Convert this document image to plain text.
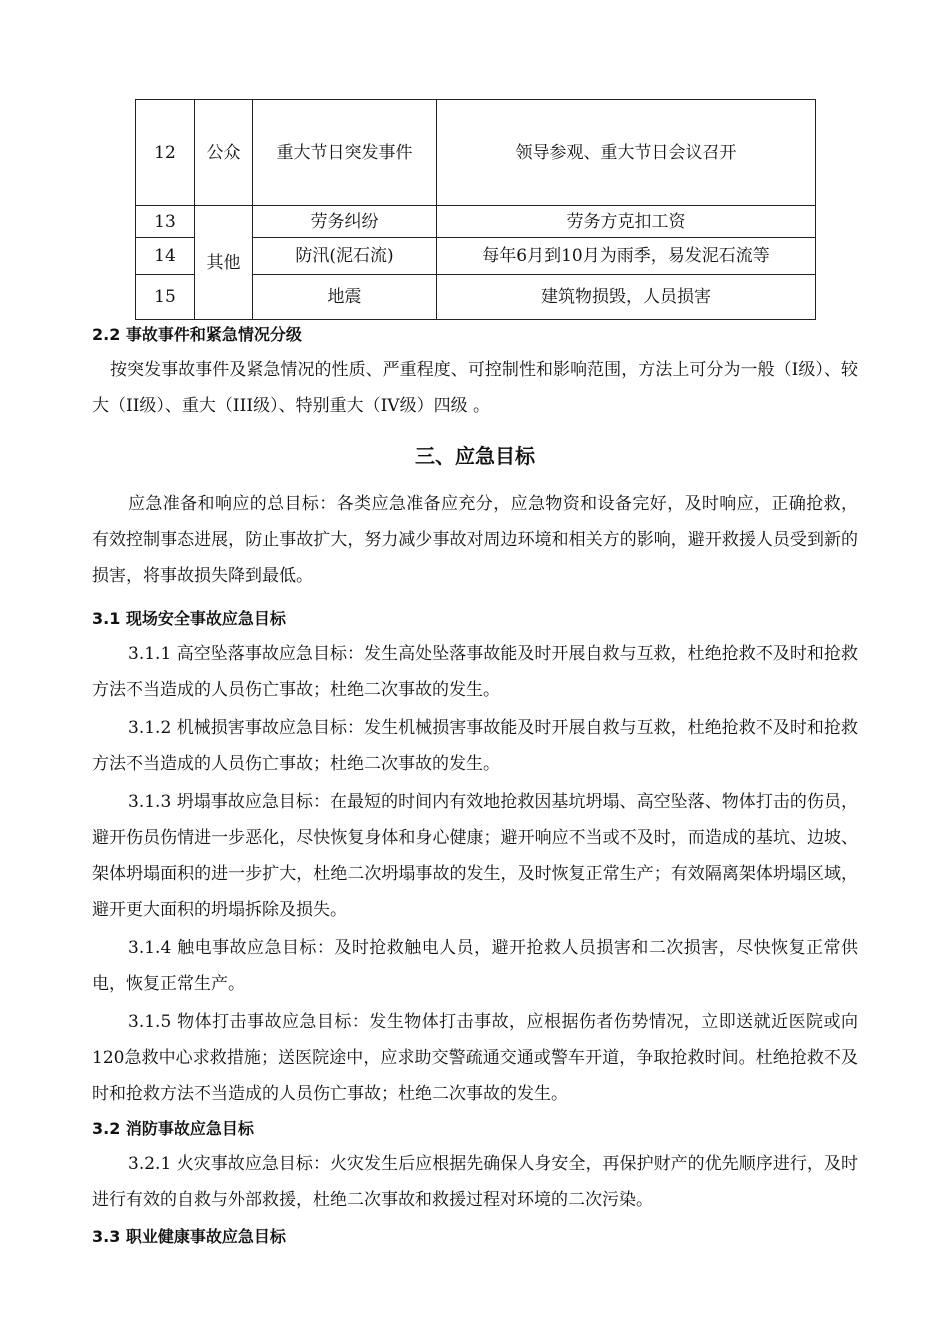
12	公众	重大节日突发事件	领导参观、重大节日会议召开
13	其他	劳务纠纷	劳务方克扣工资
14		防汛(泥石流)	每年6月到10月为雨季，易发泥石流等
15		地震	建筑物损毁，人员损害
2.2 事故事件和紧急情况分级
按突发事故事件及紧急情况的性质、严重程度、可控制性和影响范围，方法上可分为一般（I级）、较大（II级）、重大（III级）、特别重大（IV级）四级 。
三、应急目标
应急准备和响应的总目标：各类应急准备应充分，应急物资和设备完好，及时响应，正确抢救，有效控制事态进展，防止事故扩大，努力减少事故对周边环境和相关方的影响，避开救援人员受到新的损害，将事故损失降到最低。
3.1 现场安全事故应急目标
3.1.1 高空坠落事故应急目标：发生高处坠落事故能及时开展自救与互救，杜绝抢救不及时和抢救方法不当造成的人员伤亡事故；杜绝二次事故的发生。
3.1.2 机械损害事故应急目标：发生机械损害事故能及时开展自救与互救，杜绝抢救不及时和抢救方法不当造成的人员伤亡事故；杜绝二次事故的发生。
3.1.3 坍塌事故应急目标：在最短的时间内有效地抢救因基坑坍塌、高空坠落、物体打击的伤员，避开伤员伤情进一步恶化，尽快恢复身体和身心健康；避开响应不当或不及时，而造成的基坑、边坡、架体坍塌面积的进一步扩大，杜绝二次坍塌事故的发生，及时恢复正常生产；有效隔离架体坍塌区域，避开更大面积的坍塌拆除及损失。
3.1.4 触电事故应急目标：及时抢救触电人员，避开抢救人员损害和二次损害，尽快恢复正常供电，恢复正常生产。
3.1.5 物体打击事故应急目标：发生物体打击事故，应根据伤者伤势情况，立即送就近医院或向120急救中心求救措施；送医院途中，应求助交警疏通交通或警车开道，争取抢救时间。杜绝抢救不及时和抢救方法不当造成的人员伤亡事故；杜绝二次事故的发生。
3.2 消防事故应急目标
3.2.1 火灾事故应急目标：火灾发生后应根据先确保人身安全，再保护财产的优先顺序进行，及时进行有效的自救与外部救援，杜绝二次事故和救援过程对环境的二次污染。
3.3 职业健康事故应急目标
